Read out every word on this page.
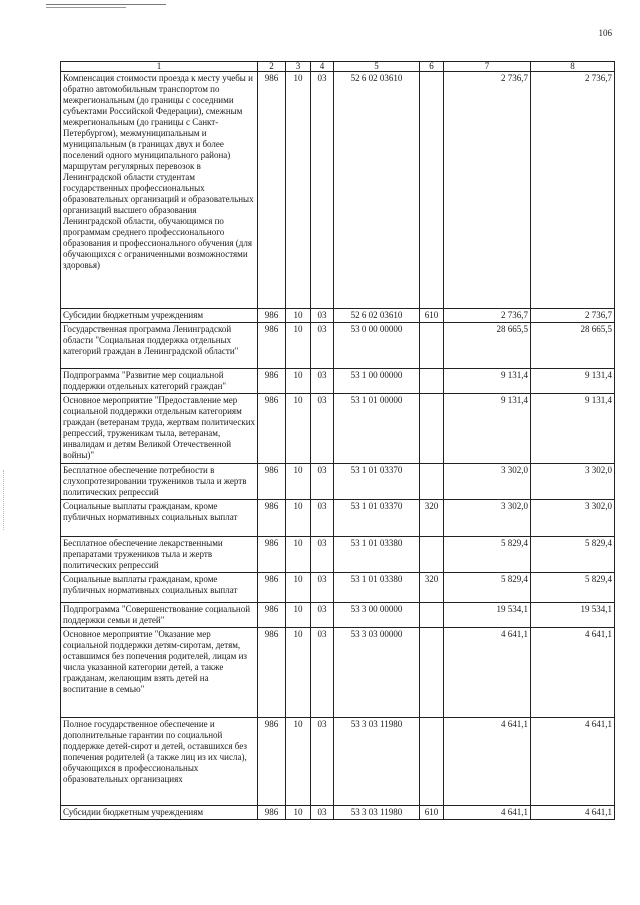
106
1	2	3	4	5	6	7	8
Компенсация стоимости проезда к месту учебы и обратно автомобильным транспортом по межрегиональным (до границы с соседними субъектами Российской Федерации), смежным межрегиональным (до границы с Санкт-Петербургом), межмуниципальным и муниципальным (в границах двух и более поселений одного муниципального района) маршрутам регулярных перевозок в Ленинградской области студентам государственных профессиональных образовательных организаций и образовательных организаций высшего образования Ленинградской области, обучающимся по программам среднего профессионального образования и профессионального обучения (для обучающихся с ограниченными возможностями здоровья)	986	10	03	52 6 02 03610		2 736,7	2 736,7
Субсидии бюджетным учреждениям	986	10	03	52 6 02 03610	610	2 736,7	2 736,7
Государственная программа Ленинградской области "Социальная поддержка отдельных категорий граждан в Ленинградской области"	986	10	03	53 0 00 00000		28 665,5	28 665,5
Подпрограмма "Развитие мер социальной поддержки отдельных категорий граждан"	986	10	03	53 1 00 00000		9 131,4	9 131,4
Основное мероприятие "Предоставление мер социальной поддержки отдельным категориям граждан (ветеранам труда, жертвам политических репрессий, труженикам тыла, ветеранам, инвалидам и детям Великой Отечественной войны)"	986	10	03	53 1 01 00000		9 131,4	9 131,4
Бесплатное обеспечение потребности в слухопротезировании тружеников тыла и жертв политических репрессий	986	10	03	53 1 01 03370		3 302,0	3 302,0
Социальные выплаты гражданам, кроме публичных нормативных социальных выплат	986	10	03	53 1 01 03370	320	3 302,0	3 302,0
Бесплатное обеспечение лекарственными препаратами тружеников тыла и жертв политических репрессий	986	10	03	53 1 01 03380		5 829,4	5 829,4
Социальные выплаты гражданам, кроме публичных нормативных социальных выплат	986	10	03	53 1 01 03380	320	5 829,4	5 829,4
Подпрограмма "Совершенствование социальной поддержки семьи и детей"	986	10	03	53 3 00 00000		19 534,1	19 534,1
Основное мероприятие "Оказание мер социальной поддержки детям-сиротам, детям, оставшимся без попечения родителей, лицам из числа указанной категории детей, а также гражданам, желающим взять детей на воспитание в семью"	986	10	03	53 3 03 00000		4 641,1	4 641,1
Полное государственное обеспечение и дополнительные гарантии по социальной поддержке детей-сирот и детей, оставшихся без попечения родителей (а также лиц из их числа), обучающихся в профессиональных образовательных организациях	986	10	03	53 3 03 11980		4 641,1	4 641,1
Субсидии бюджетным учреждениям	986	10	03	53 3 03 11980	610	4 641,1	4 641,1
